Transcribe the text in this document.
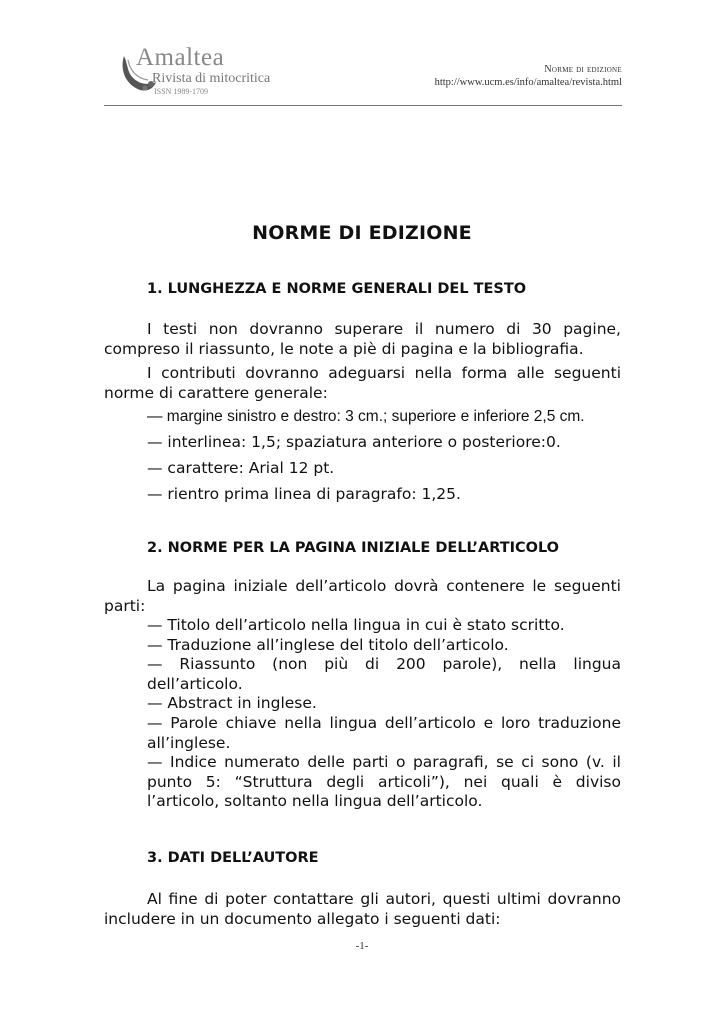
Amaltea
Rivista di mitocritica
ISSN 1989-1709
Norme di edizione
http://www.ucm.es/info/amaltea/revista.html
NORME DI EDIZIONE
1. LUNGHEZZA E NORME GENERALI DEL TESTO
I testi non dovranno superare il numero di 30 pagine, compreso il riassunto, le note a piè di pagina e la bibliografia.
I contributi dovranno adeguarsi nella forma alle seguenti norme di carattere generale:
— margine sinistro e destro: 3 cm.; superiore e inferiore 2,5 cm.
— interlinea: 1,5; spaziatura anteriore o posteriore:0.
— carattere: Arial 12 pt.
— rientro prima linea di paragrafo: 1,25.
2. NORME PER LA PAGINA INIZIALE DELL’ARTICOLO
La pagina iniziale dell’articolo dovrà contenere le seguenti parti:
— Titolo dell’articolo nella lingua in cui è stato scritto.
— Traduzione all’inglese del titolo dell’articolo.
— Riassunto (non più di 200 parole), nella lingua dell’articolo.
— Abstract in inglese.
— Parole chiave nella lingua dell’articolo e loro traduzione all’inglese.
— Indice numerato delle parti o paragrafi, se ci sono (v. il punto 5: “Struttura degli articoli”), nei quali è diviso l’articolo, soltanto nella lingua dell’articolo.
3. DATI DELL’AUTORE
Al fine di poter contattare gli autori, questi ultimi dovranno includere in un documento allegato i seguenti dati:
-1-
